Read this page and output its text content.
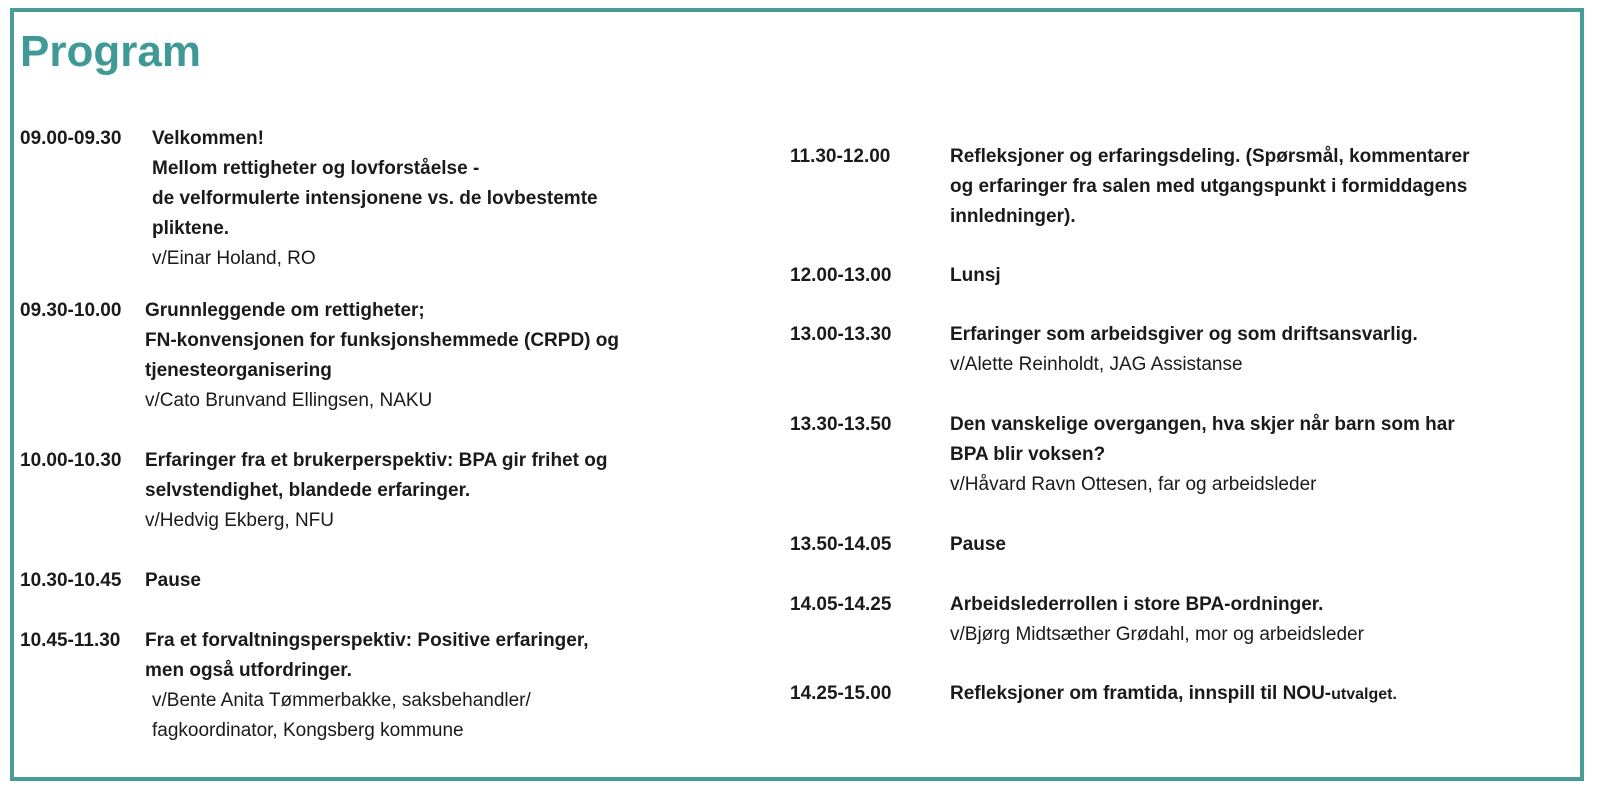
Program
09.00-09.30 Velkommen!
Mellom rettigheter og lovforståelse -
de velformulerte intensjonene vs. de lovbestemte
pliktene.
v/Einar Holand, RO
09.30-10.00 Grunnleggende om rettigheter;
FN-konvensjonen for funksjonshemmede (CRPD) og
tjenesteorganisering
v/Cato Brunvand Ellingsen, NAKU
10.00-10.30 Erfaringer fra et brukerperspektiv: BPA gir frihet og
selvstendighet, blandede erfaringer.
v/Hedvig Ekberg, NFU
10.30-10.45 Pause
10.45-11.30 Fra et forvaltningsperspektiv: Positive erfaringer,
men også utfordringer.
v/Bente Anita Tømmerbakke, saksbehandler/
fagkoordinator, Kongsberg kommune
11.30-12.00	Refleksjoner og erfaringsdeling. (Spørsmål, kommentarer
og erfaringer fra salen med utgangspunkt i formiddagens
innledninger).
12.00-13.00	Lunsj
13.00-13.30	Erfaringer som arbeidsgiver og som driftsansvarlig.
v/Alette Reinholdt, JAG Assistanse
13.30-13.50	Den vanskelige overgangen, hva skjer når barn som har
BPA blir voksen?
v/Håvard Ravn Ottesen, far og arbeidsleder
13.50-14.05	Pause
14.05-14.25	Arbeidslederrollen i store BPA-ordninger.
v/Bjørg Midtsæther Grødahl, mor og arbeidsleder
14.25-15.00	Refleksjoner om framtida, innspill til NOU-utvalget.
